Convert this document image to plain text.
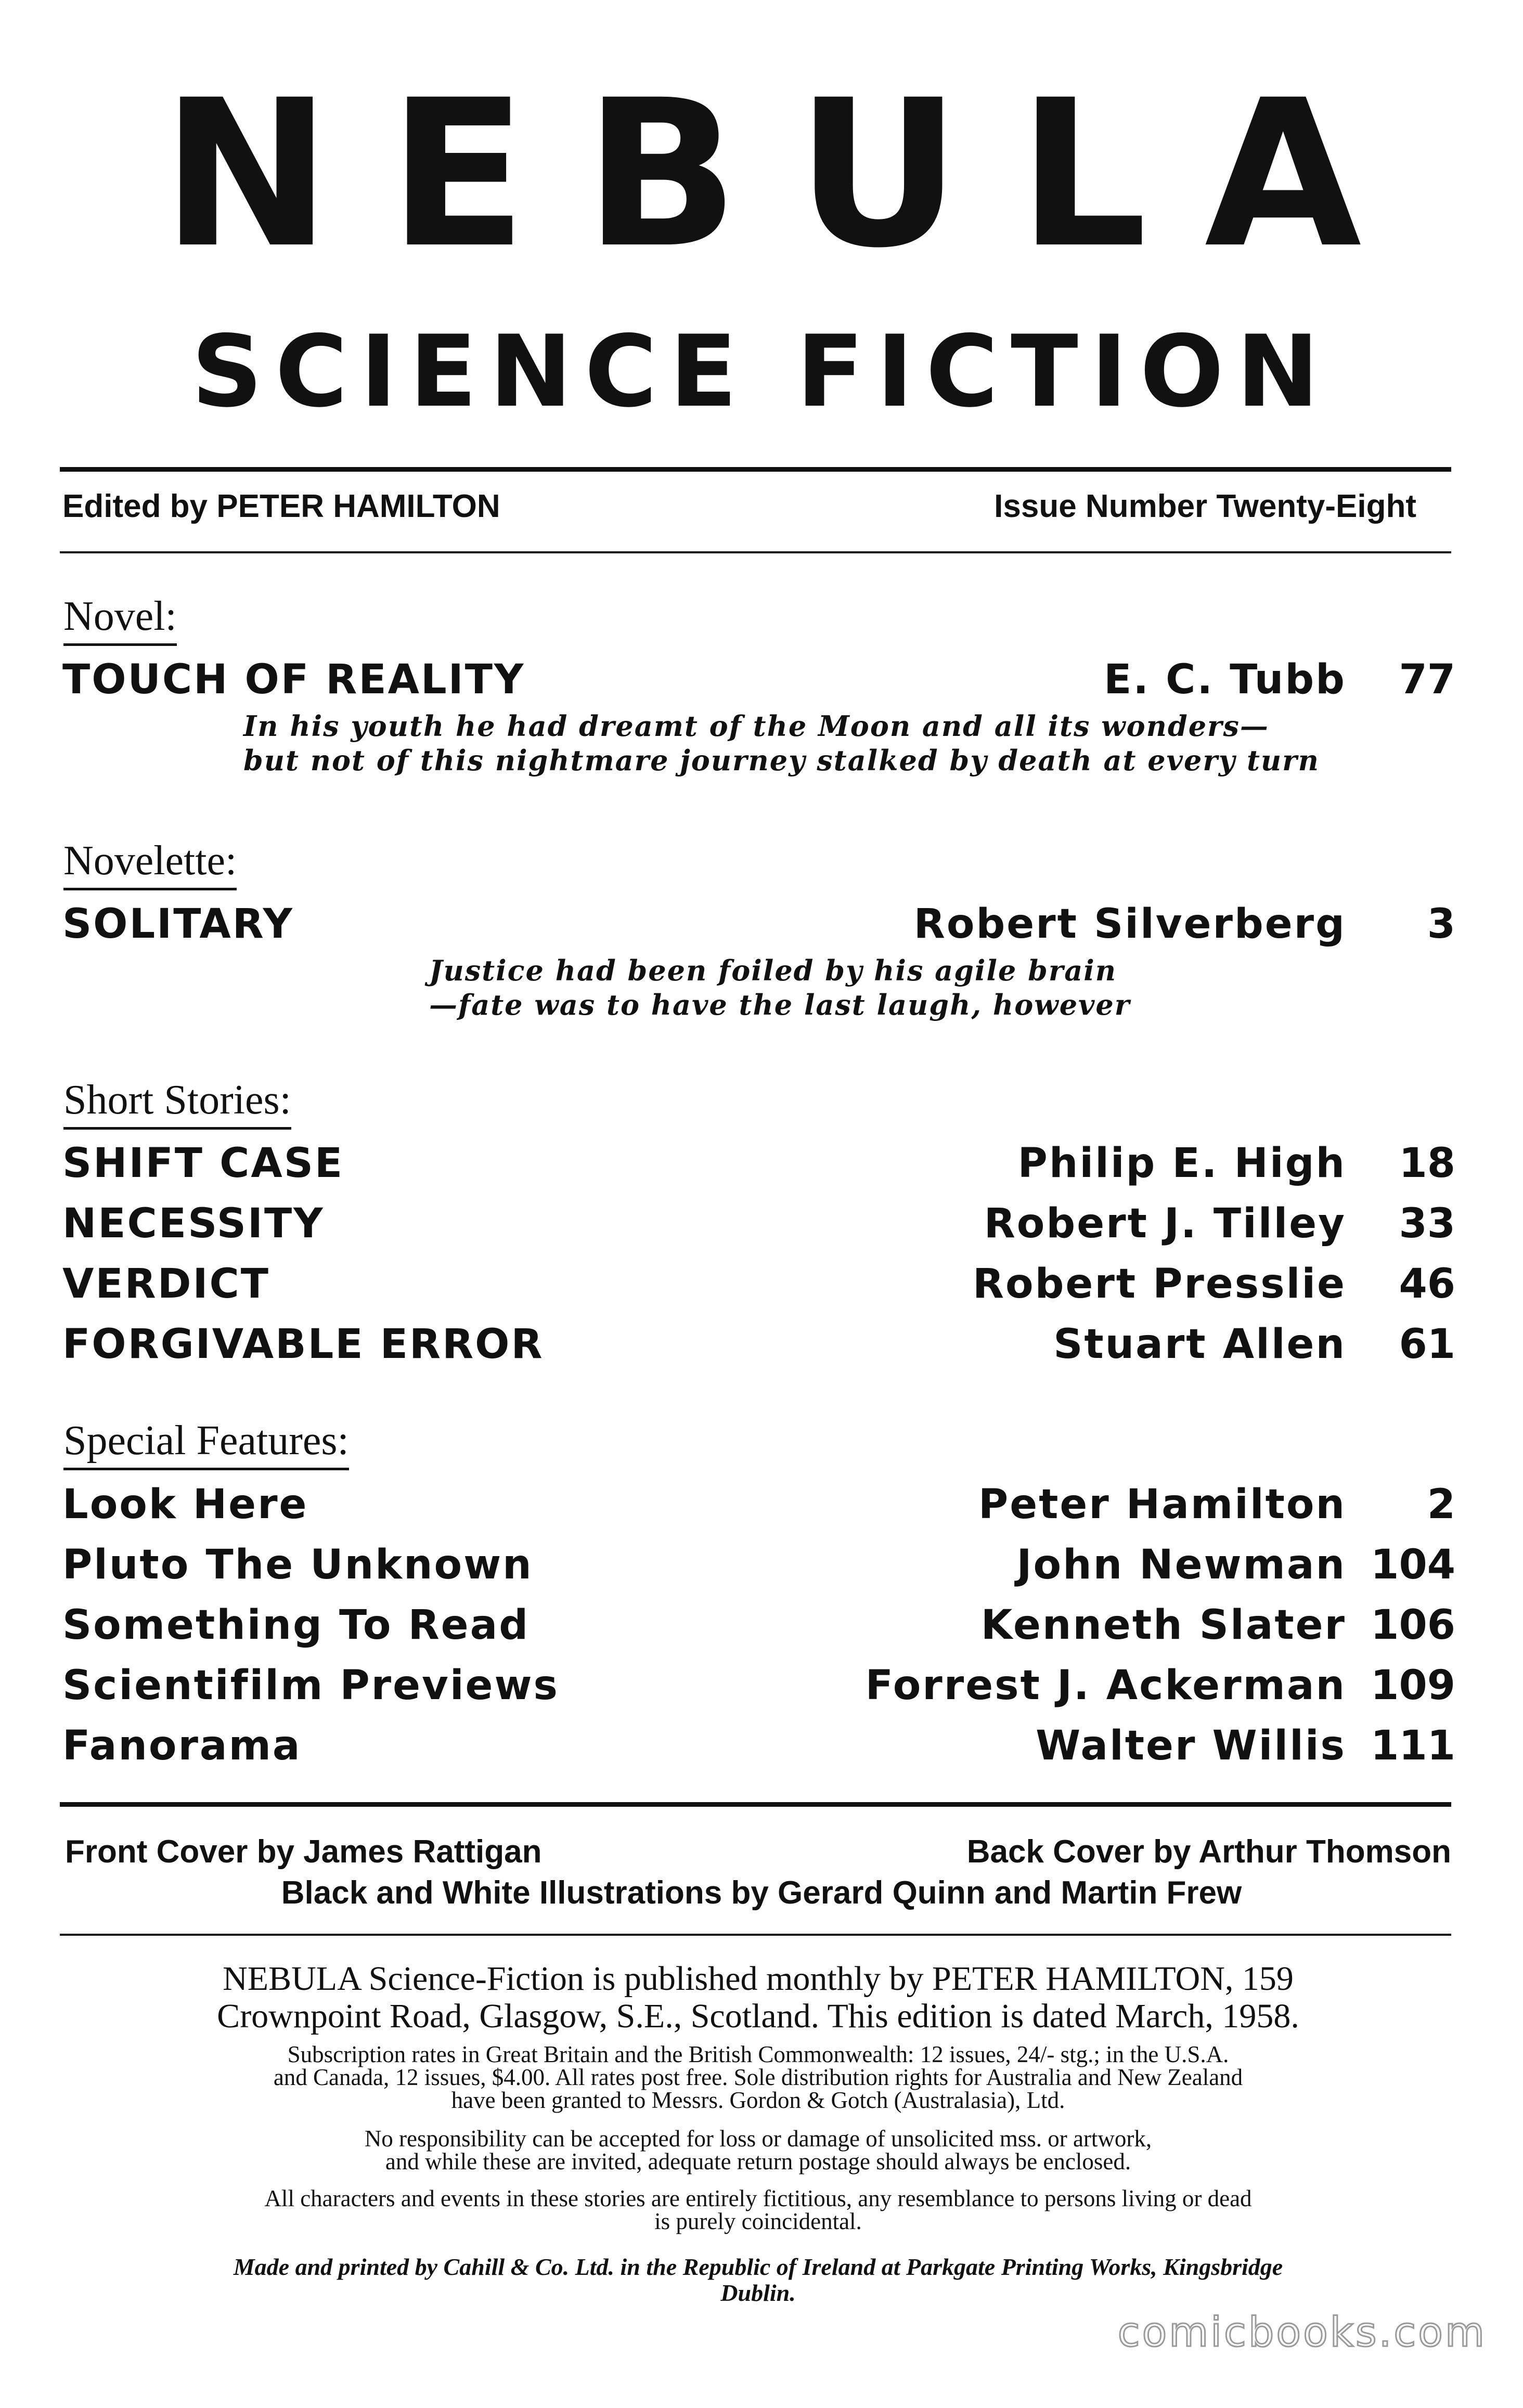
NEBULA
SCIENCE FICTION
Edited by PETER HAMILTON	Issue Number Twenty-Eight
Novel:
TOUCH OF REALITY	E. C. Tubb 77
In his youth he had dreamt of the Moon and all its wonders—
but not of this nightmare journey stalked by death at every turn
Novelette:
SOLITARY	Robert Silverberg 3
Justice had been foiled by his agile brain
—fate was to have the last laugh, however
Short Stories:
SHIFT CASE	Philip E. High 18
NECESSITY	Robert J. Tilley 33
VERDICT	Robert Presslie 46
FORGIVABLE ERROR	Stuart Allen 61
Special Features:
Look Here	Peter Hamilton 2
Pluto The Unknown	John Newman 104
Something To Read	Kenneth Slater 106
Scientifilm Previews	Forrest J. Ackerman 109
Fanorama	Walter Willis 111
Front Cover by James Rattigan	Back Cover by Arthur Thomson
Black and White Illustrations by Gerard Quinn and Martin Frew
NEBULA Science-Fiction is published monthly by PETER HAMILTON, 159
Crownpoint Road, Glasgow, S.E., Scotland. This edition is dated March, 1958.
Subscription rates in Great Britain and the British Commonwealth: 12 issues, 24/- stg.; in the U.S.A.
and Canada, 12 issues, $4.00. All rates post free. Sole distribution rights for Australia and New Zealand
have been granted to Messrs. Gordon & Gotch (Australasia), Ltd.
No responsibility can be accepted for loss or damage of unsolicited mss. or artwork,
and while these are invited, adequate return postage should always be enclosed.
All characters and events in these stories are entirely fictitious, any resemblance to persons living or dead
is purely coincidental.
Made and printed by Cahill & Co. Ltd. in the Republic of Ireland at Parkgate Printing Works, Kingsbridge
Dublin.
comicbooks.com
